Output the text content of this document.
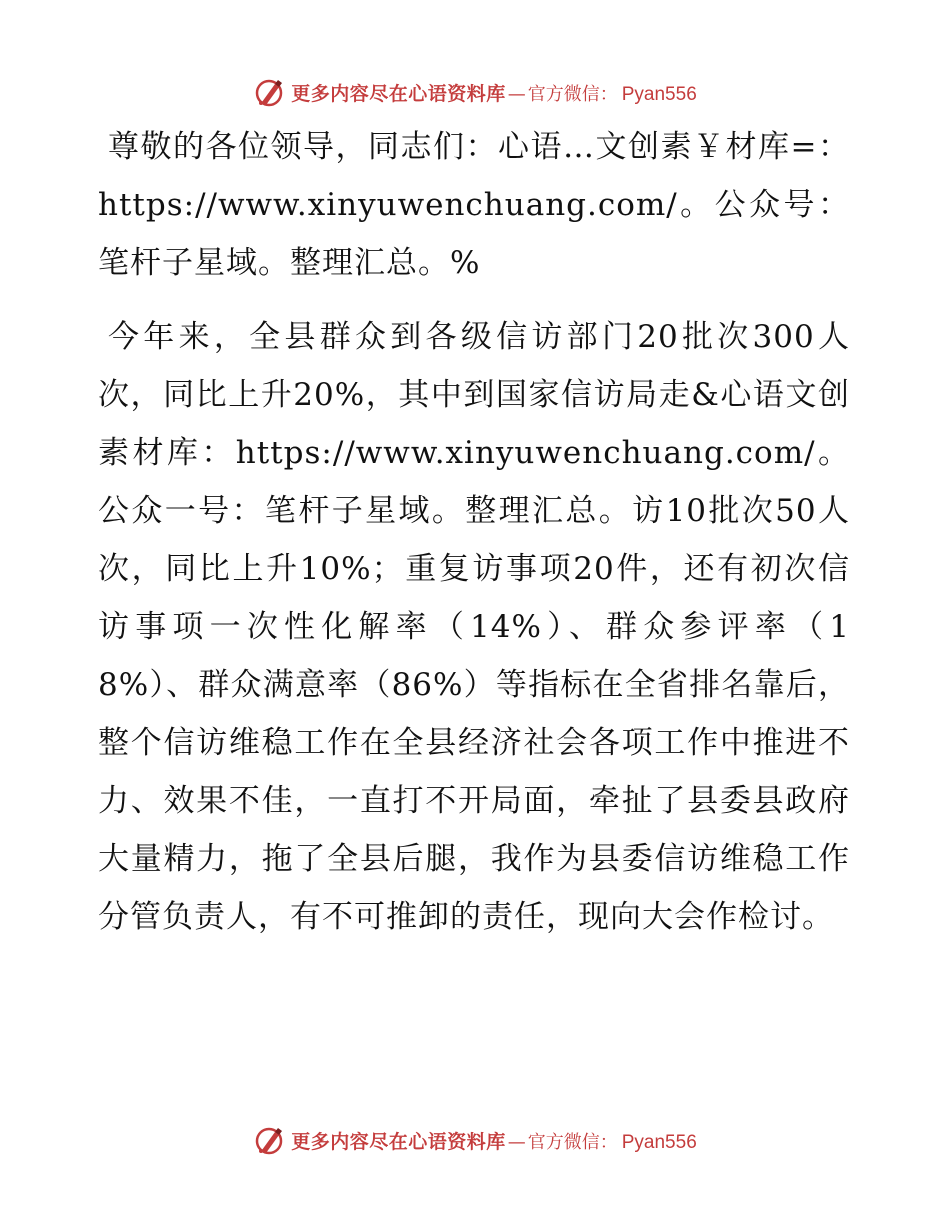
更多内容尽在心语资料库 — 官方微信： Pyan556

尊敬的各位领导，同志们：心语…文创素￥材库=：https://www.xinyuwenchuang.com/。公众号：笔杆子星域。整理汇总。%

今年来，全县群众到各级信访部门20批次300人次，同比上升20%，其中到国家信访局走&心语文创素材库：https://www.xinyuwenchuang.com/。公众一号：笔杆子星域。整理汇总。访10批次50人次，同比上升10%；重复访事项20件，还有初次信访事项一次性化解率（14%）、群众参评率（18%）、群众满意率（86%）等指标在全省排名靠后，整个信访维稳工作在全县经济社会各项工作中推进不力、效果不佳，一直打不开局面，牵扯了县委县政府大量精力，拖了全县后腿，我作为县委信访维稳工作分管负责人，有不可推卸的责任，现向大会作检讨。

更多内容尽在心语资料库 — 官方微信： Pyan556
